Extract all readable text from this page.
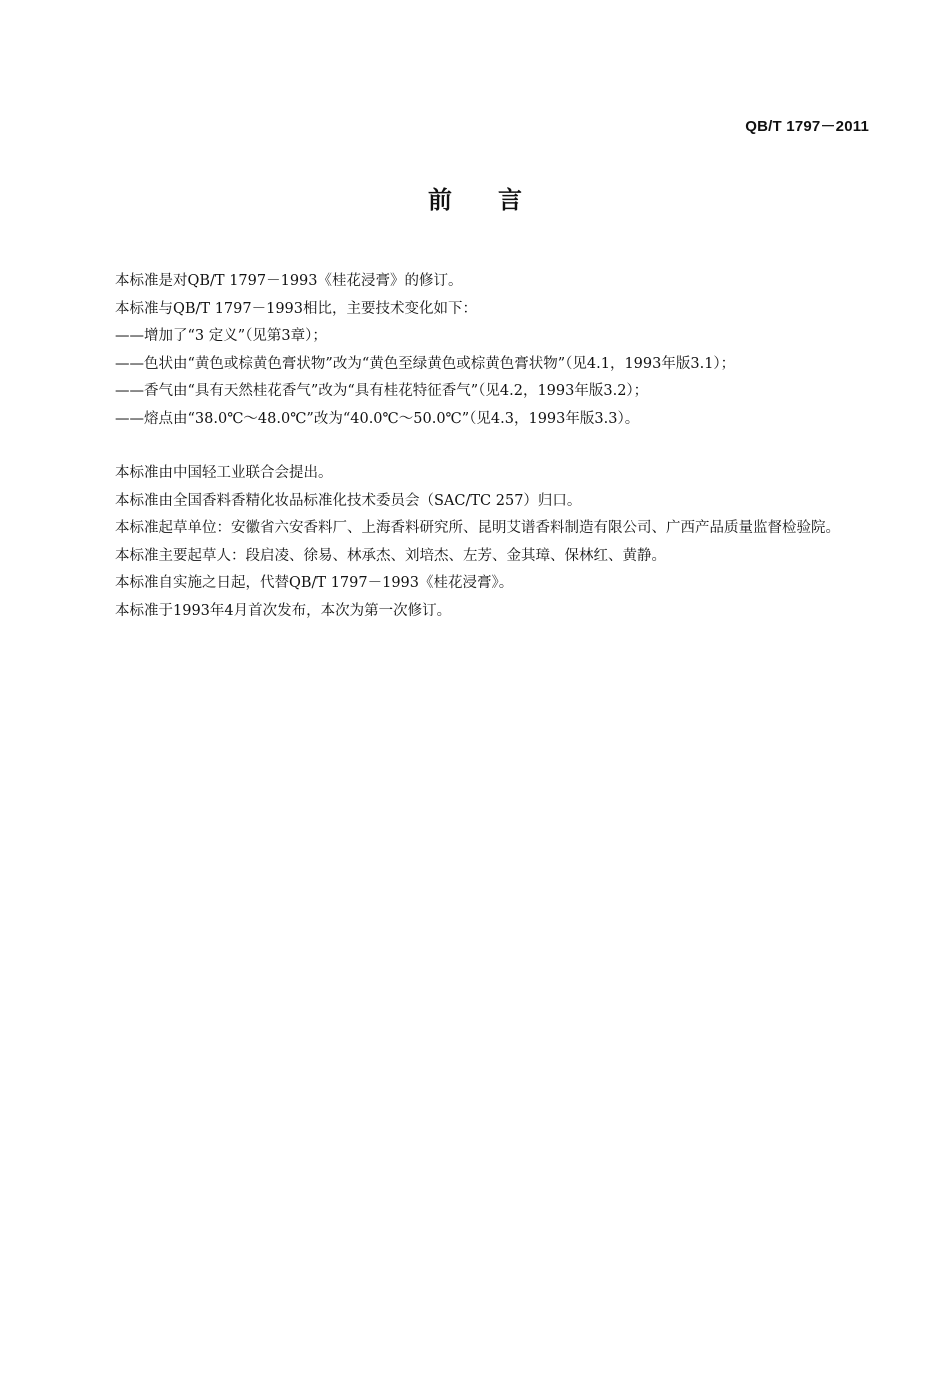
QB/T 1797－2011
前 言

本标准是对QB/T 1797－1993《桂花浸膏》的修订。

本标准与QB/T 1797－1993相比，主要技术变化如下：

——增加了“3 定义”（见第3章）；

——色状由“黄色或棕黄色膏状物”改为“黄色至绿黄色或棕黄色膏状物”（见4.1，1993年版3.1）；

——香气由“具有天然桂花香气”改为“具有桂花特征香气”（见4.2，1993年版3.2）；

——熔点由“38.0℃～48.0℃”改为“40.0℃～50.0℃”（见4.3，1993年版3.3）。

本标准由中国轻工业联合会提出。

本标准由全国香料香精化妆品标准化技术委员会（SAC/TC 257）归口。

本标准起草单位：安徽省六安香料厂、上海香料研究所、昆明艾谱香料制造有限公司、广西产品质量监督检验院。

本标准主要起草人：段启凌、徐易、林承杰、刘培杰、左芳、金其璋、保林红、黄静。

本标准自实施之日起，代替QB/T 1797－1993《桂花浸膏》。

本标准于1993年4月首次发布，本次为第一次修订。
